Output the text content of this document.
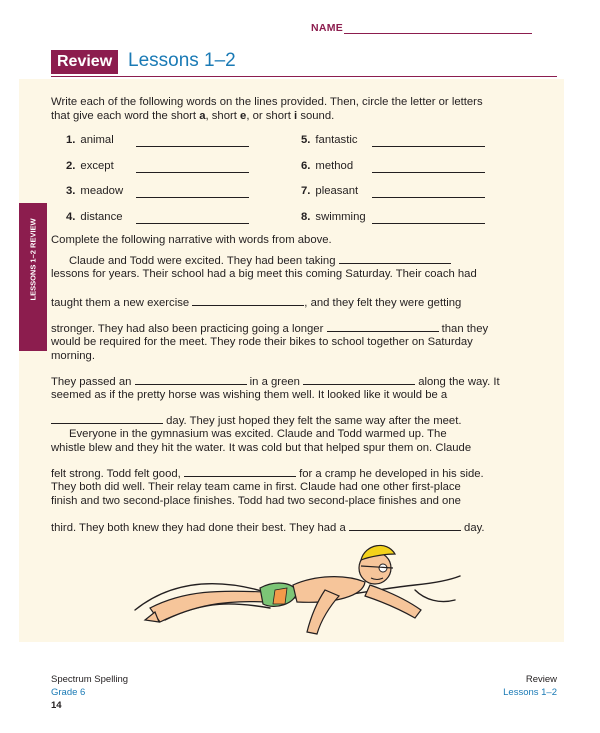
NAME
Review Lessons 1–2
LESSONS 1–2 REVIEW
Write each of the following words on the lines provided. Then, circle the letter or letters
that give each word the short a, short e, or short i sound.
1. animal
2. except
3. meadow
4. distance
5. fantastic
6. method
7. pleasant
8. swimming
Complete the following narrative with words from above.
Claude and Todd were excited. They had been taking
lessons for years. Their school had a big meet this coming Saturday. Their coach had
taught them a new exercise	, and they felt they were getting
stronger. They had also been practicing going a longer	than they
would be required for the meet. They rode their bikes to school together on Saturday
morning.
They passed an	in a green	along the way. It
seemed as if the pretty horse was wishing them well. It looked like it would be a
day. They just hoped they felt the same way after the meet.
Everyone in the gymnasium was excited. Claude and Todd warmed up. The
whistle blew and they hit the water. It was cold but that helped spur them on. Claude
felt strong. Todd felt good,	for a cramp he developed in his side.
They both did well. Their relay team came in first. Claude had one other first-place
finish and two second-place finishes. Todd had two second-place finishes and one
third. They both knew they had done their best. They had a	day.
Spectrum Spelling
Grade 6
14
Review
Lessons 1–2
